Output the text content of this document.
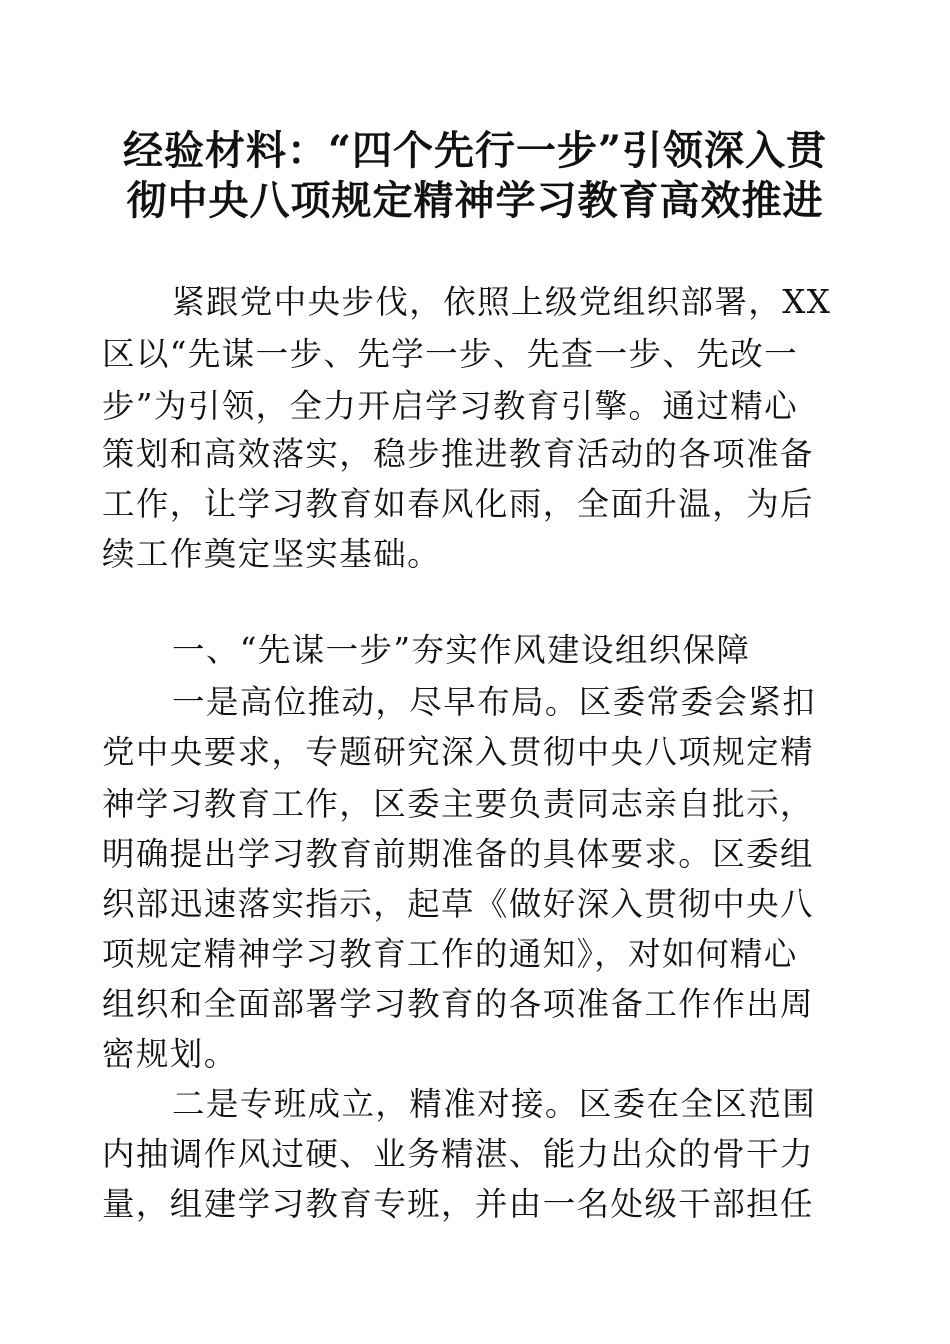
经验材料：“四个先行一步”引领深入贯
彻中央八项规定精神学习教育高效推进
紧跟党中央步伐，依照上级党组织部署，XX
区以“先谋一步、先学一步、先查一步、先改一
步”为引领，全力开启学习教育引擎。通过精心
策划和高效落实，稳步推进教育活动的各项准备
工作，让学习教育如春风化雨，全面升温，为后
续工作奠定坚实基础。
一、“先谋一步”夯实作风建设组织保障
一是高位推动，尽早布局。区委常委会紧扣
党中央要求，专题研究深入贯彻中央八项规定精
神学习教育工作，区委主要负责同志亲自批示，
明确提出学习教育前期准备的具体要求。区委组
织部迅速落实指示，起草《做好深入贯彻中央八
项规定精神学习教育工作的通知》，对如何精心
组织和全面部署学习教育的各项准备工作作出周
密规划。
二是专班成立，精准对接。区委在全区范围
内抽调作风过硬、业务精湛、能力出众的骨干力
量，组建学习教育专班，并由一名处级干部担任
